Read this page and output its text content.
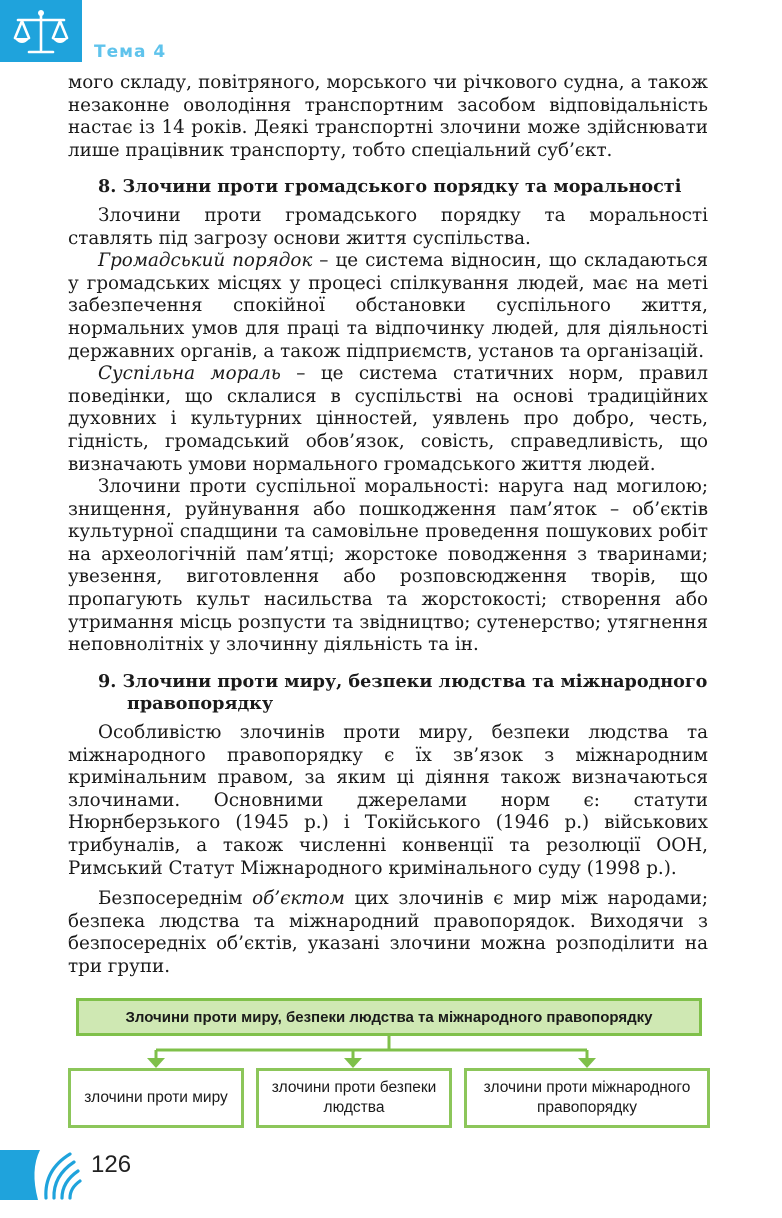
Тема 4

мого складу, повітряного, морського чи річкового судна, а також незаконне оволодіння транспортним засобом відповідальність настає із 14 років. Деякі транспортні злочини може здійснювати лише працівник транспорту, тобто спеціальний суб’єкт.

8. Злочини проти громадського порядку та моральності

Злочини проти громадського порядку та моральності ставлять під загрозу основи життя суспільства.

Громадський порядок – це система відносин, що складаються у громадських місцях у процесі спілкування людей, має на меті забезпечення спокійної обстановки суспільного життя, нормальних умов для праці та відпочинку людей, для діяльності державних органів, а також підприємств, установ та організацій.

Суспільна мораль – це система статичних норм, правил поведінки, що склалися в суспільстві на основі традиційних духовних і культурних цінностей, уявлень про добро, честь, гідність, громадський обов’язок, совість, справедливість, що визначають умови нормального громадського життя людей.

Злочини проти суспільної моральності: наруга над могилою; знищення, руйнування або пошкодження пам’яток – об’єктів культурної спадщини та самовільне проведення пошукових робіт на археологічній пам’ятці; жорстоке поводження з тваринами; увезення, виготовлення або розповсюдження творів, що пропагують культ насильства та жорстокості; створення або утримання місць розпусти та звідництво; сутенерство; утягнення неповнолітніх у злочинну діяльність та ін.

9. Злочини проти миру, безпеки людства та міжнародного правопорядку

Особливістю злочинів проти миру, безпеки людства та міжнародного правопорядку є їх зв’язок з міжнародним кримінальним правом, за яким ці діяння також визначаються злочинами. Основними джерелами норм є: статути Нюрнберзького (1945 р.) і Токійського (1946 р.) військових трибуналів, а також численні конвенції та резолюції ООН, Римський Статут Міжнародного кримінального суду (1998 р.).

Безпосереднім об’єктом цих злочинів є мир між народами; безпека людства та міжнародний правопорядок. Виходячи з безпосередніх об’єктів, указані злочини можна розподілити на три групи.

Злочини проти миру, безпеки людства та міжнародного правопорядку
злочини проти миру
злочини проти безпеки людства
злочини проти міжнародного правопорядку
126
